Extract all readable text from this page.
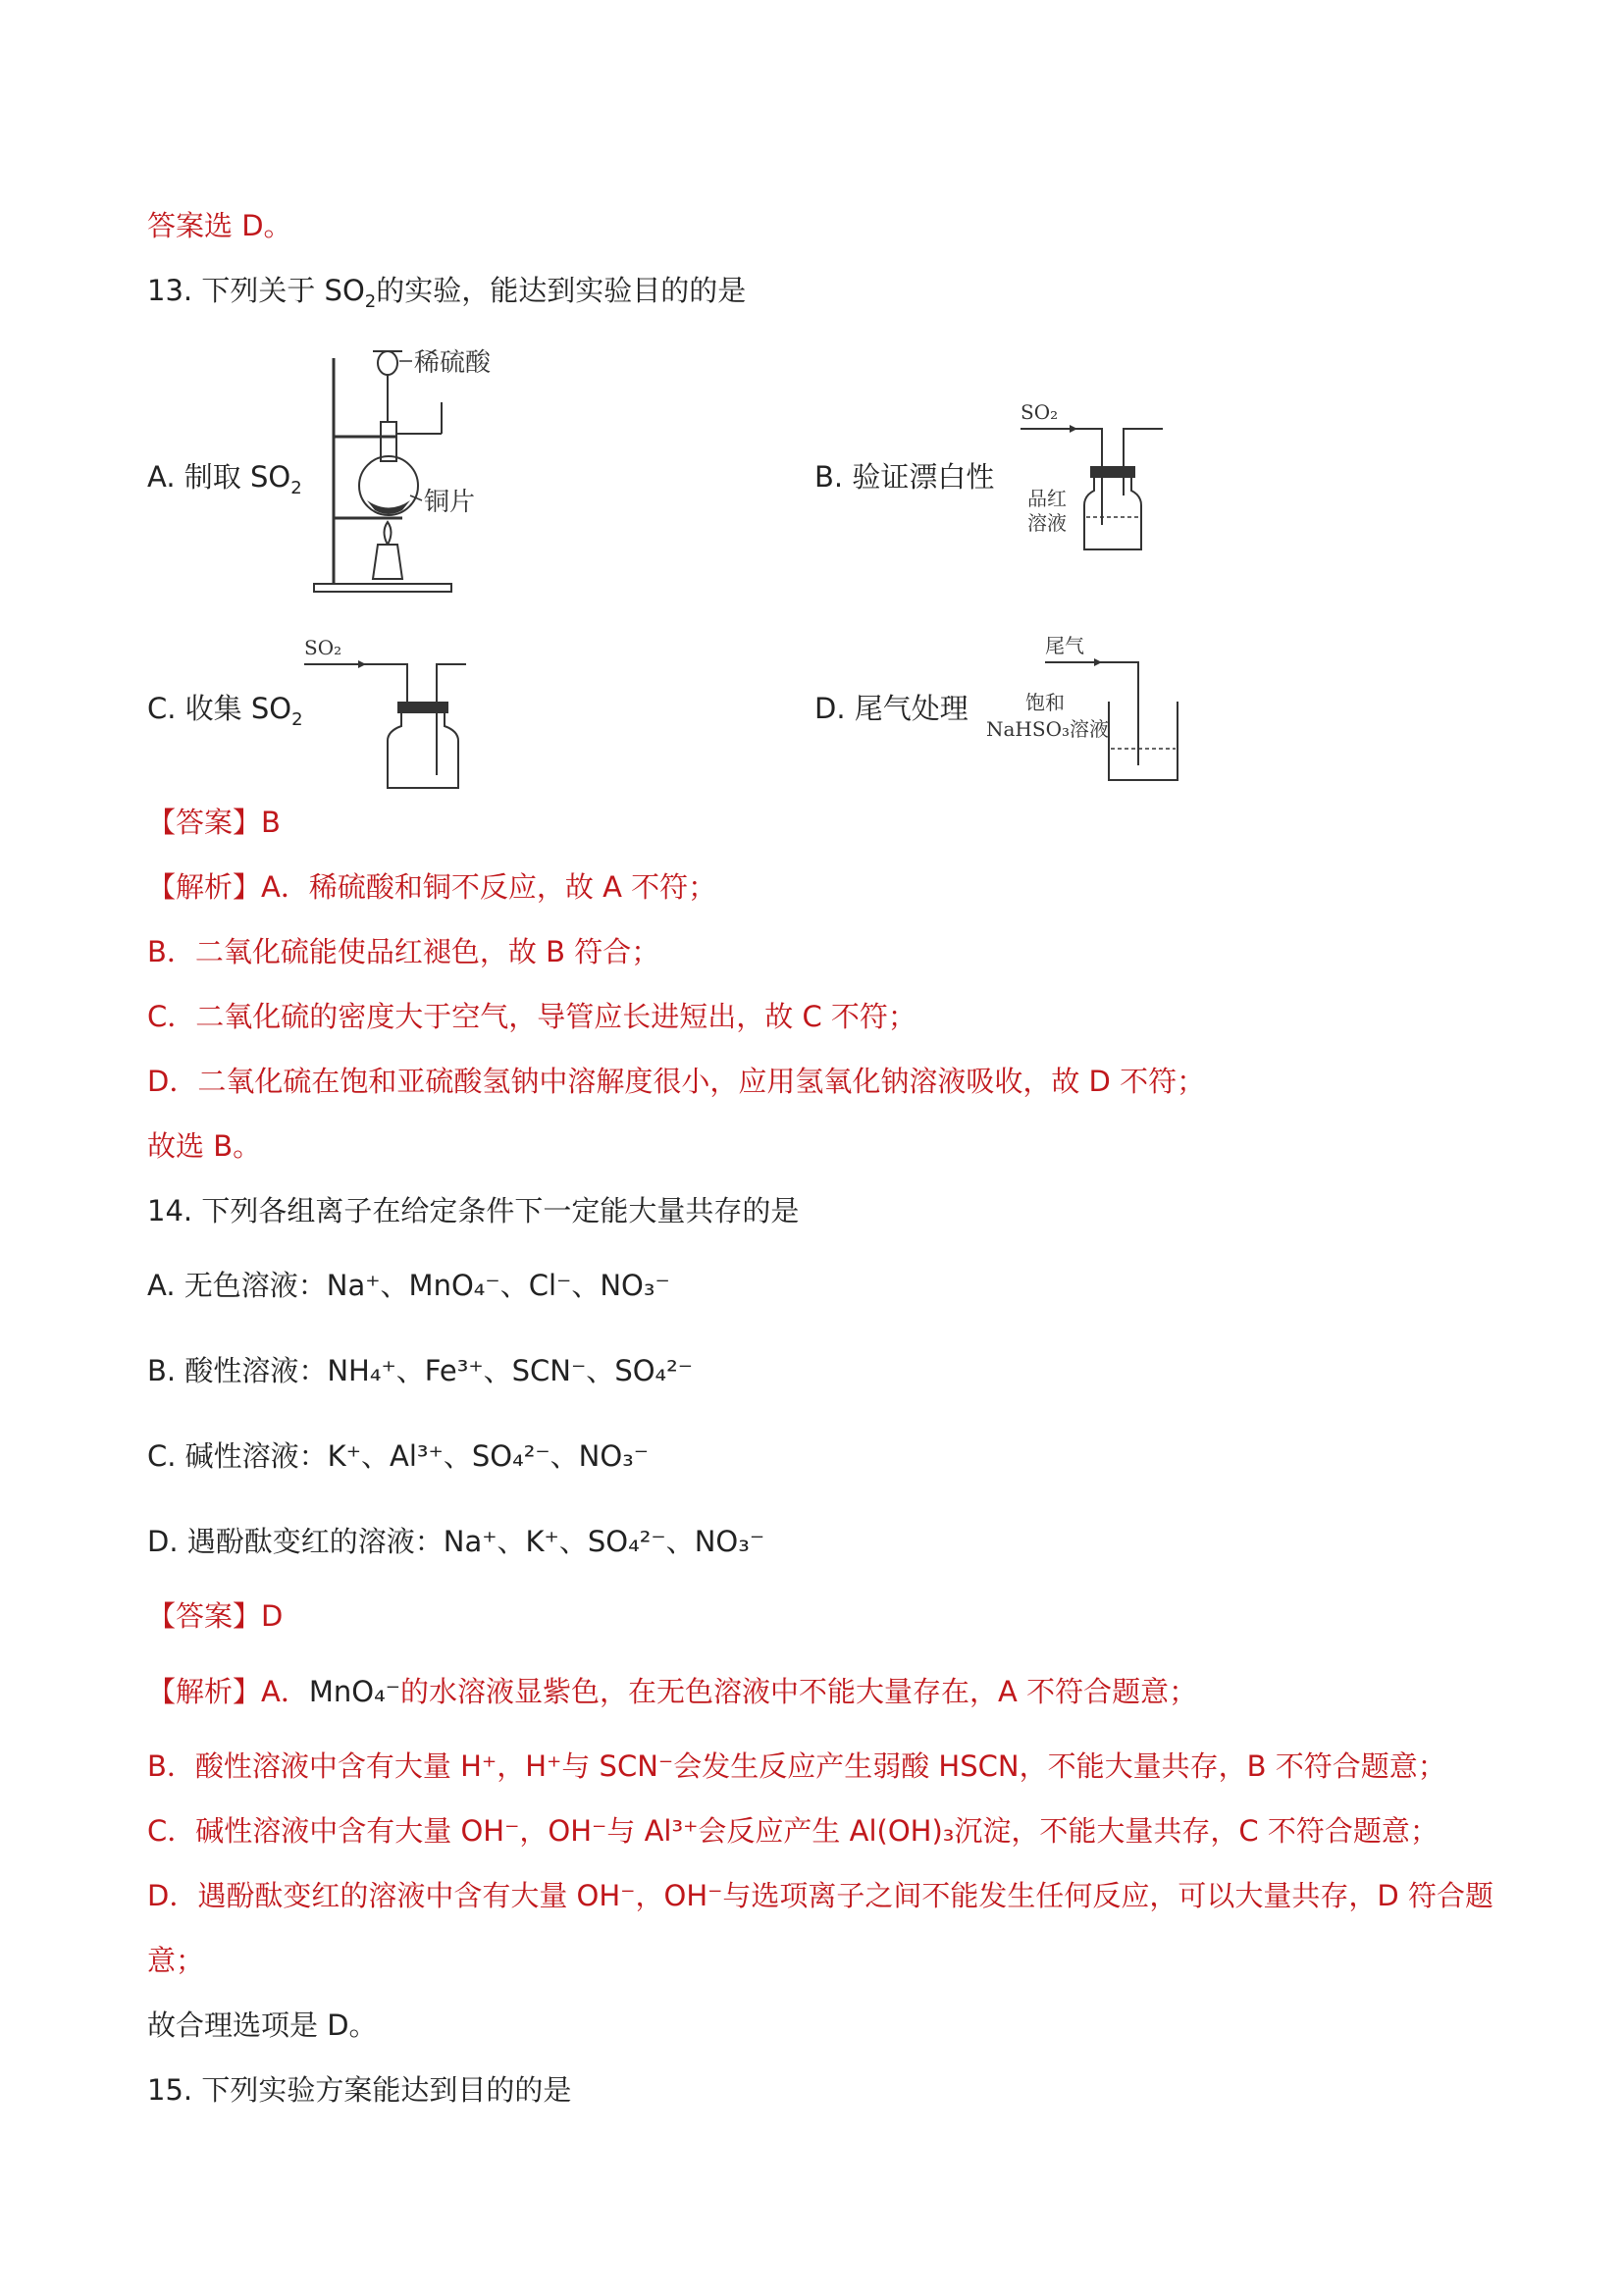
答案选 D。
13. 下列关于 $SO_2$的实验，能达到实验目的的是
A. 制取 $SO_2$
稀硫酸
铜片
B. 验证漂白性
SO₂
品红
溶液
C. 收集 $SO_2$
SO₂
D. 尾气处理
尾气
饱和
NaHSO₃溶液
【答案】B
【解析】A．稀硫酸和铜不反应，故 A 不符；
B．二氧化硫能使品红褪色，故 B 符合；
C．二氧化硫的密度大于空气，导管应长进短出，故 C 不符；
D．二氧化硫在饱和亚硫酸氢钠中溶解度很小，应用氢氧化钠溶液吸收，故 D 不符；
故选 B。
14. 下列各组离子在给定条件下一定能大量共存的是
A. 无色溶液：Na⁺、MnO₄⁻、Cl⁻、NO₃⁻
B. 酸性溶液：NH₄⁺、Fe³⁺、SCN⁻、SO₄²⁻
C. 碱性溶液：K⁺、Al³⁺、SO₄²⁻、NO₃⁻
D. 遇酚酞变红的溶液：Na⁺、K⁺、SO₄²⁻、NO₃⁻
【答案】D
【解析】A．MnO₄⁻的水溶液显紫色，在无色溶液中不能大量存在，A 不符合题意；
B．酸性溶液中含有大量 H⁺，H⁺与 SCN⁻会发生反应产生弱酸 HSCN，不能大量共存，B 不符合题意；
C．碱性溶液中含有大量 OH⁻，OH⁻与 Al³⁺会反应产生 Al(OH)₃沉淀，不能大量共存，C 不符合题意；
D．遇酚酞变红的溶液中含有大量 OH⁻，OH⁻与选项离子之间不能发生任何反应，可以大量共存，D 符合题
意；
故合理选项是 D。
15. 下列实验方案能达到目的的是
